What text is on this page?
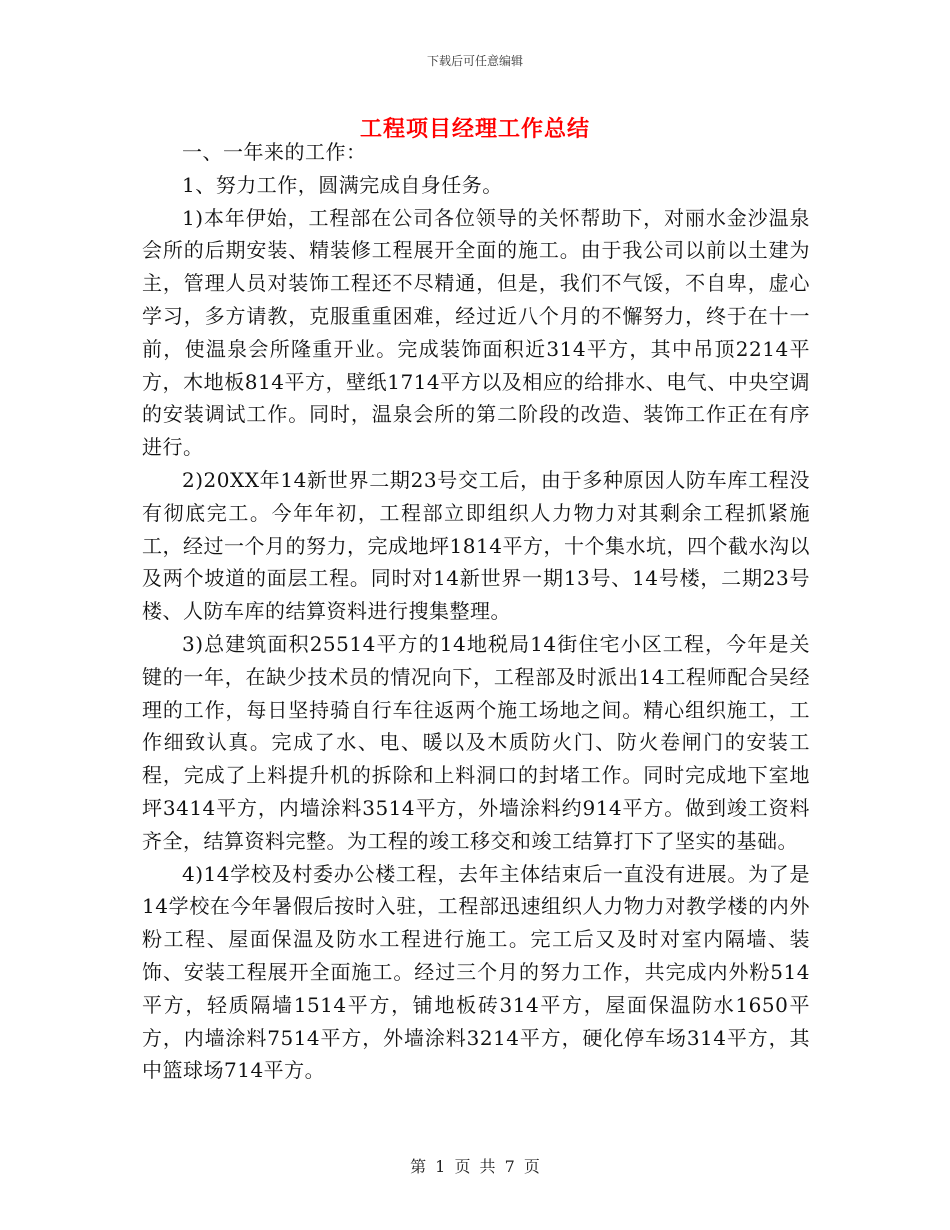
下载后可任意编辑
工程项目经理工作总结

一、一年来的工作：

1、努力工作，圆满完成自身任务。

1)本年伊始，工程部在公司各位领导的关怀帮助下，对丽水金沙温泉会所的后期安装、精装修工程展开全面的施工。由于我公司以前以土建为主，管理人员对装饰工程还不尽精通，但是，我们不气馁，不自卑，虚心学习，多方请教，克服重重困难，经过近八个月的不懈努力，终于在十一前，使温泉会所隆重开业。完成装饰面积近314平方，其中吊顶2214平方，木地板814平方，壁纸1714平方以及相应的给排水、电气、中央空调的安装调试工作。同时，温泉会所的第二阶段的改造、装饰工作正在有序进行。

2)20XX年14新世界二期23号交工后，由于多种原因人防车库工程没有彻底完工。今年年初，工程部立即组织人力物力对其剩余工程抓紧施工，经过一个月的努力，完成地坪1814平方，十个集水坑，四个截水沟以及两个坡道的面层工程。同时对14新世界一期13号、14号楼，二期23号楼、人防车库的结算资料进行搜集整理。

3)总建筑面积25514平方的14地税局14街住宅小区工程，今年是关键的一年，在缺少技术员的情况向下，工程部及时派出14工程师配合吴经理的工作，每日坚持骑自行车往返两个施工场地之间。精心组织施工，工作细致认真。完成了水、电、暖以及木质防火门、防火卷闸门的安装工程，完成了上料提升机的拆除和上料洞口的封堵工作。同时完成地下室地坪3414平方，内墙涂料3514平方，外墙涂料约914平方。做到竣工资料齐全，结算资料完整。为工程的竣工移交和竣工结算打下了坚实的基础。

4)14学校及村委办公楼工程，去年主体结束后一直没有进展。为了是14学校在今年暑假后按时入驻，工程部迅速组织人力物力对教学楼的内外粉工程、屋面保温及防水工程进行施工。完工后又及时对室内隔墙、装饰、安装工程展开全面施工。经过三个月的努力工作，共完成内外粉514平方，轻质隔墙1514平方，铺地板砖314平方，屋面保温防水1650平方，内墙涂料7514平方，外墙涂料3214平方，硬化停车场314平方，其中篮球场714平方。

第 1 页 共 7 页
